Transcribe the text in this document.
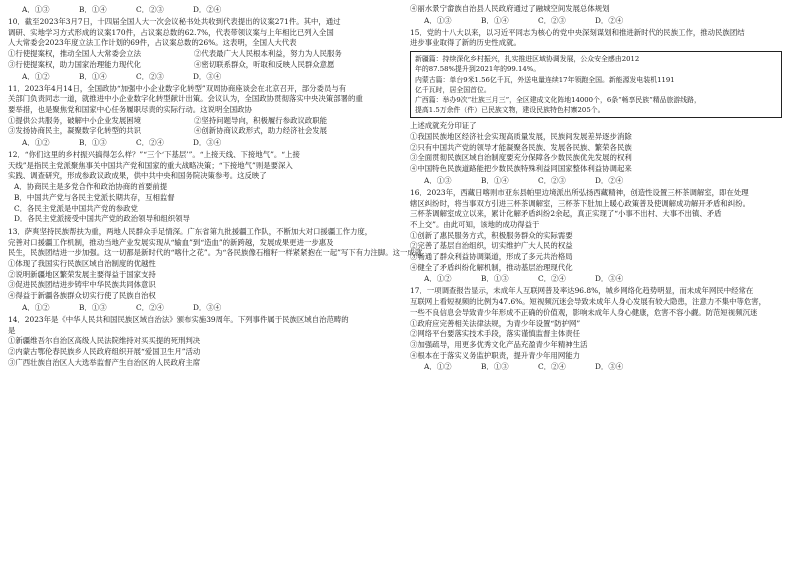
A．①③	B．①④	C．②③	D．②④
10．截至2023年3月7日，十四届全国人大一次会议秘书处共收到代表提出的议案271件。其中，通过
调研、实地学习方式形成的议案170件，占议案总数的62.7%，代表带领议案与上年相比已列入全国
人大常委会2023年度立法工作计划的69件，占议案总数的26%。这表明，全国人大代表
①行使提案权，推动全国人大常委会立法	②代表最广大人民根本利益，努力为人民服务
③行使提案权，助力国家治理能力现代化	④密切联系群众，听取和反映人民群众意愿
A．①②	B．①④	C．②③	D．③④
11．2023年4月14日，全国政协“加强中小企业数字化转型”双周协商座谈会在北京召开，部分委员与有
关部门负责同志一道，就推进中小企业数字化转型献计出策。会议认为，全国政协贯彻落实中央决策部署的重
要举措，也是聚焦党和国家中心任务履职尽责的实际行动。这说明全国政协
①提供公共服务，破解中小企业发展困境	②坚持问题导向，积极履行参政议政职能
③发扬协商民主，凝聚数字化转型的共识	④创新协商议政形式，助力经济社会发展
A．①②	B．①③	C．②④	D．③④
12．“你们这里的乡村振兴搞得怎么样？”“三个‘下基层’”。“上接天线、下接地气”。“上接
天线”是指民主党派聚焦事关中国共产党和国家的重大战略决策；“下接地气”则是要深入
实践、调查研究，形成参政议政成果，供中共中央和国务院决策参考。这反映了
A．协商民主是多党合作和政治协商的首要前提
B．中国共产党与各民主党派长期共存，互相监督
C．各民主党派是中国共产党的参政党
D．各民主党派接受中国共产党的政治领导和组织领导
13．萨爽坚持民族帮扶为重，两地人民群众手足情深。广东省第九批援疆工作队，不断加大对口援疆工作力度，
完善对口援疆工作机制，推动当地产业发展实现从“输血”到“造血”的新跨越，发展成果更进一步惠及
民生，民族团结进一步加强。这一切都是新时代的“喀什之花”。为“各民族像石榴籽一样紧紧抱在一起”写下有力注脚。这一成就
①体现了我国实行民族区域自治制度的优越性
②说明新疆地区繁荣发展主要得益于国家支持
③促进民族团结进步铸牢中华民族共同体意识
④得益于新疆各族群众切实行使了民族自治权
A．①②	B．①③	C．②④	D．③④
14．2023年是《中华人民共和国民族区域自治法》颁布实施39周年。下列事件属于民族区域自治范畴的
是
①新疆维吾尔自治区高级人民法院维持对买买提的死刑判决
②内蒙古鄂伦春民族乡人民政府组织开展“爱国卫生月”活动
③广西壮族自治区人大选举监督产生自治区的人民政府主席
④丽水景宁畲族自治县人民政府通过了融城空间发展总体规划
A．①③	B．①④	C．②③	D．②④
15．党的十八大以来，以习近平同志为核心的党中央深刻谋划和推进新时代的民族工作，推动民族团结
进步事业取得了新的历史性成就。
新疆篇：持续深化乡村振兴，扎实推进区域协调发展，公众安全感由2012
年的87.58%提升到2021年的99.14%。
内蒙古篇：单台9米1.56亿千瓦，外送电量连续17年领跑全国。新能源发电装机1191
亿千瓦时，居全国首位。
广西篇：举办9次“壮族三月三”，全区建成文化阵地14000个，6条“畅享民族”精品旅游线路，
提高1.5万余件（件）已民族文物，建设民族特色村寨205个。
上述成就充分印证了
①我国民族地区经济社会实现高质量发展，民族间发展差异逐步消除
②只有中国共产党的领导才能凝聚各民族、发展各民族、繁荣各民族
③全面贯彻民族区域自治制度要充分保障各少数民族优先发展的权利
④中国特色民族道路能把少数民族特殊利益同国家整体利益协调起来
A．①③	B．①④	C．②③	D．②④
16．2023年，西藏日喀则市亚东县帕里边境派出所弘扬西藏精神，创造性设置三杯茶调解室，即在处理
辖区纠纷时，将当事双方引进三杯茶调解室，三杯茶下肚加上暖心政策普及使调解成功解开矛盾和纠纷。
三杯茶调解室成立以来，累计化解矛盾纠纷2余起，真正实现了“小事不出村、大事不出镇、矛盾
不上交”。由此可知，该地的成功得益于
①创新了惠民服务方式，积极服务群众的实际需要
②完善了基层自治组织，切实维护广大人民的权益
③畅通了群众利益协调渠道，形成了多元共治格局
④健全了矛盾纠纷化解机制，推动基层治理现代化
A．①②	B．①③	C．②④	D．③④
17．一项调查报告显示，未成年人互联网普及率达96.8%，城乡网络化趋势明显，而未成年网民中经常在
互联网上看短视频的比例为47.6%。短视频沉迷会导致未成年人身心发展有较大隐患，注意力不集中等危害，
一些不良信息会导致青少年形成不正确的价值观，影响未成年人身心健康，危害不容小觑。防范短视频沉迷
①政府应完善相关法律法规，为青少年设置“防护网”
②网络平台要落实技术手段，落实谨慎监督主体责任
③加强疏导，用更多优秀文化产品充盈青少年精神生活
④根本在于落实义务监护职责，提升青少年用网能力
A．①②	B．①③	C．②④	D．③④
